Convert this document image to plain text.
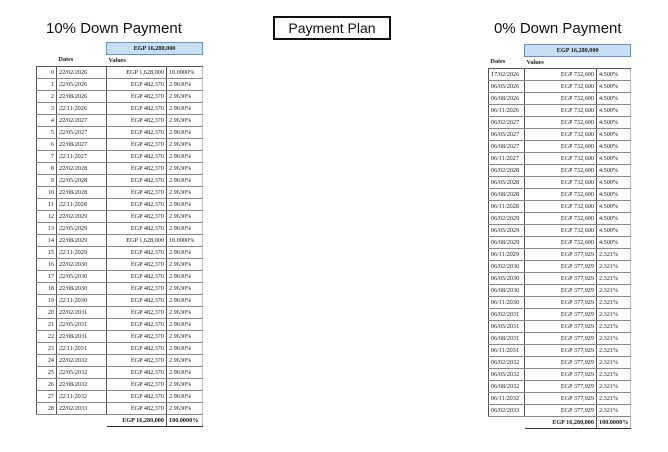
10% Down Payment	Payment Plan	0% Down Payment
		EGP 16,280,000	
	Dates	Values	
0	22/02/2026	EGP 1,628,000	10.0000%
1	22/05/2026	EGP 482,370	2.9630%
2	22/08/2026	EGP 482,370	2.9630%
3	22/11/2026	EGP 482,370	2.9630%
4	22/02/2027	EGP 482,370	2.9630%
5	22/05/2027	EGP 482,370	2.9630%
6	22/08/2027	EGP 482,370	2.9630%
7	22/11/2027	EGP 482,370	2.9630%
8	22/02/2028	EGP 482,370	2.9630%
9	22/05/2028	EGP 482,370	2.9630%
10	22/08/2028	EGP 482,370	2.9630%
11	22/11/2028	EGP 482,370	2.9630%
12	22/02/2029	EGP 482,370	2.9630%
13	22/05/2029	EGP 482,370	2.9630%
14	22/08/2029	EGP 1,628,000	10.0000%
15	22/11/2029	EGP 482,370	2.9630%
16	22/02/2030	EGP 482,370	2.9630%
17	22/05/2030	EGP 482,370	2.9630%
18	22/08/2030	EGP 482,370	2.9630%
19	22/11/2030	EGP 482,370	2.9630%
20	22/02/2031	EGP 482,370	2.9630%
21	22/05/2031	EGP 482,370	2.9630%
22	22/08/2031	EGP 482,370	2.9630%
23	22/11/2031	EGP 482,370	2.9630%
24	22/02/2032	EGP 482,370	2.9630%
25	22/05/2032	EGP 482,370	2.9630%
26	22/08/2032	EGP 482,370	2.9630%
27	22/11/2032	EGP 482,370	2.9630%
28	22/02/2033	EGP 482,370	2.9630%
		EGP 16,280,000	100.0000%
	EGP 16,280,000	
Dates	Values	
17/02/2026	EGP 732,600	4.500%
06/05/2026	EGP 732,600	4.500%
06/08/2026	EGP 732,600	4.500%
06/11/2026	EGP 732,600	4.500%
06/02/2027	EGP 732,600	4.500%
06/05/2027	EGP 732,600	4.500%
06/08/2027	EGP 732,600	4.500%
06/11/2027	EGP 732,600	4.500%
06/02/2028	EGP 732,600	4.500%
06/05/2028	EGP 732,600	4.500%
06/08/2028	EGP 732,600	4.500%
06/11/2028	EGP 732,600	4.500%
06/02/2029	EGP 732,600	4.500%
06/05/2029	EGP 732,600	4.500%
06/08/2029	EGP 732,600	4.500%
06/11/2029	EGP 377,929	2.321%
06/02/2030	EGP 377,929	2.321%
06/05/2030	EGP 377,929	2.321%
06/08/2030	EGP 377,929	2.321%
06/11/2030	EGP 377,929	2.321%
06/02/2031	EGP 377,929	2.321%
06/05/2031	EGP 377,929	2.321%
06/08/2031	EGP 377,929	2.321%
06/11/2031	EGP 377,929	2.321%
06/02/2032	EGP 377,929	2.321%
06/05/2032	EGP 377,929	2.321%
06/08/2032	EGP 377,929	2.321%
06/11/2032	EGP 377,929	2.321%
06/02/2033	EGP 377,929	2.321%
	EGP 16,280,000	100.0000%
